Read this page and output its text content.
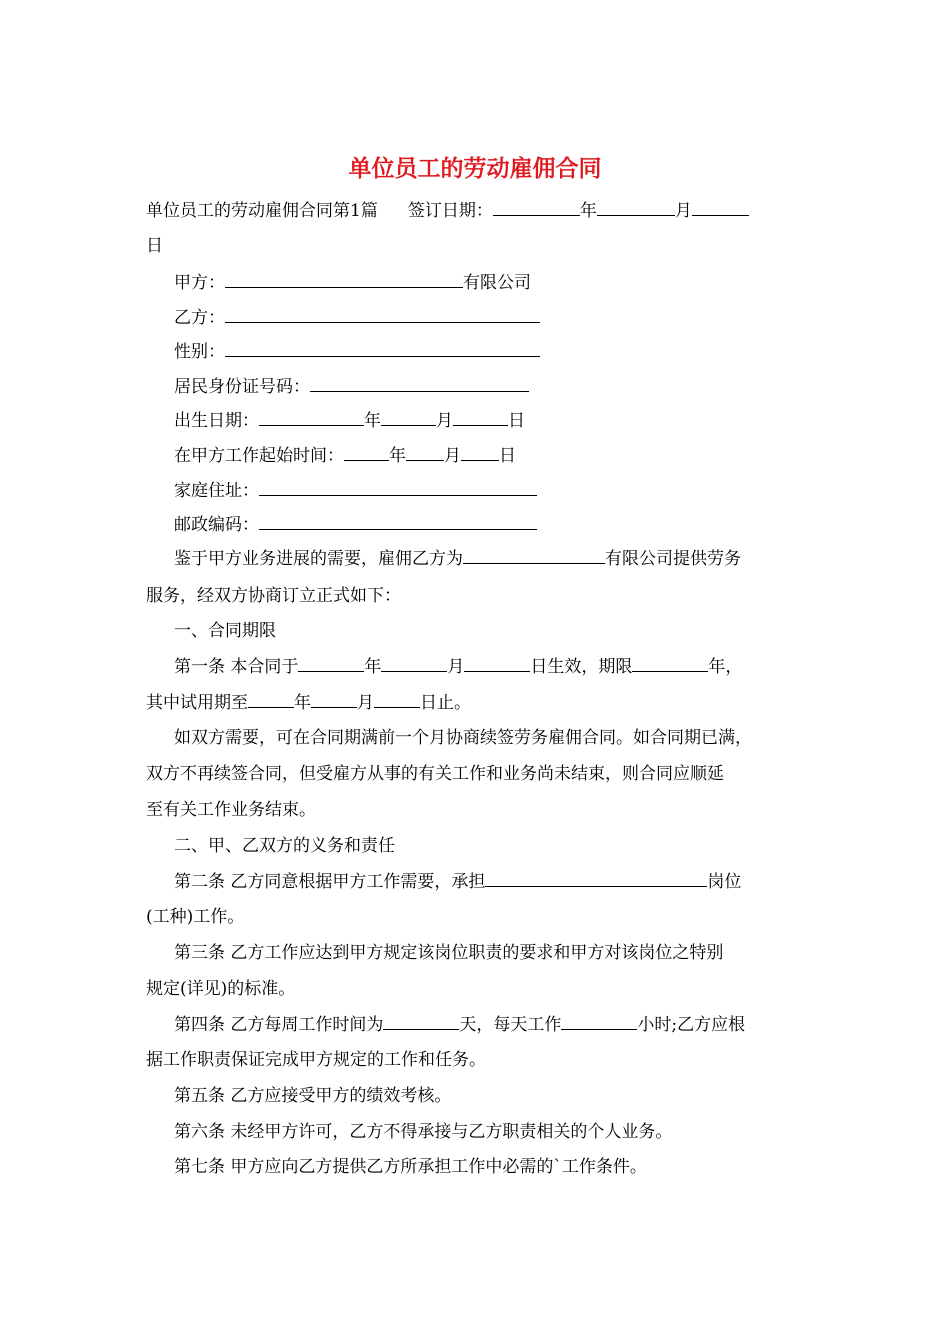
单位员工的劳动雇佣合同
单位员工的劳动雇佣合同第1篇 签订日期：	年	月
日
甲方：	有限公司
乙方：
性别：
居民身份证号码：
出生日期：	年	月	日
在甲方工作起始时间：	年 月 日
家庭住址：
邮政编码：
鉴于甲方业务进展的需要，雇佣乙方为	有限公司提供劳务
服务，经双方协商订立正式如下：
一、合同期限
第一条 本合同于	年	月	日生效，期限	年，
其中试用期至	年	月	日止。
如双方需要，可在合同期满前一个月协商续签劳务雇佣合同。如合同期已满，
双方不再续签合同，但受雇方从事的有关工作和业务尚未结束，则合同应顺延
至有关工作业务结束。
二、甲、乙双方的义务和责任
第二条 乙方同意根据甲方工作需要，承担	岗位
(工种)工作。
第三条 乙方工作应达到甲方规定该岗位职责的要求和甲方对该岗位之特别
规定(详见)的标准。
第四条 乙方每周工作时间为	天，每天工作	小时;乙方应根
据工作职责保证完成甲方规定的工作和任务。
第五条 乙方应接受甲方的绩效考核。
第六条 未经甲方许可，乙方不得承接与乙方职责相关的个人业务。
第七条 甲方应向乙方提供乙方所承担工作中必需的`工作条件。
